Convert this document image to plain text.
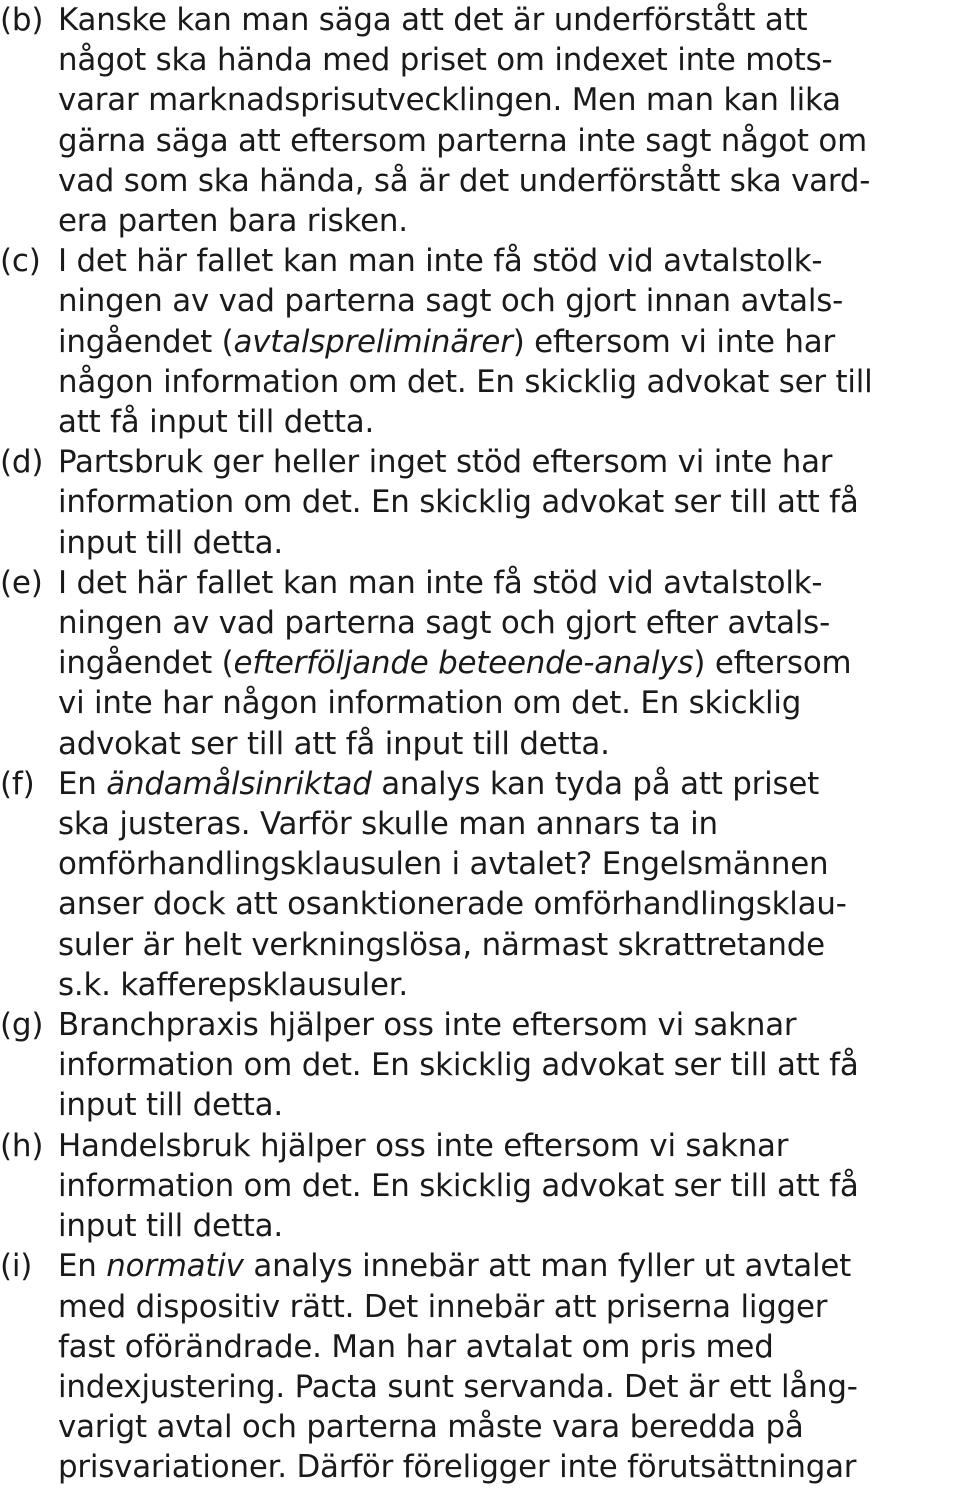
(b) Kanske kan man säga att det är underförstått att
något ska hända med priset om indexet inte mots-
varar marknadsprisutvecklingen. Men man kan lika
gärna säga att eftersom parterna inte sagt något om
vad som ska hända, så är det underförstått ska vard-
era parten bara risken.
(c) I det här fallet kan man inte få stöd vid avtalstolk-
ningen av vad parterna sagt och gjort innan avtals-
ingåendet (avtalspreliminärer) eftersom vi inte har
någon information om det. En skicklig advokat ser till
att få input till detta.
(d) Partsbruk ger heller inget stöd eftersom vi inte har
information om det. En skicklig advokat ser till att få
input till detta.
(e) I det här fallet kan man inte få stöd vid avtalstolk-
ningen av vad parterna sagt och gjort efter avtals-
ingåendet (efterföljande beteende-analys) eftersom
vi inte har någon information om det. En skicklig
advokat ser till att få input till detta.
(f) En ändamålsinriktad analys kan tyda på att priset
ska justeras. Varför skulle man annars ta in
omförhandlingsklausulen i avtalet? Engelsmännen
anser dock att osanktionerade omförhandlingsklau-
suler är helt verkningslösa, närmast skrattretande
s.k. kafferepsklausuler.
(g) Branchpraxis hjälper oss inte eftersom vi saknar
information om det. En skicklig advokat ser till att få
input till detta.
(h) Handelsbruk hjälper oss inte eftersom vi saknar
information om det. En skicklig advokat ser till att få
input till detta.
(i) En normativ analys innebär att man fyller ut avtalet
med dispositiv rätt. Det innebär att priserna ligger
fast oförändrade. Man har avtalat om pris med
indexjustering. Pacta sunt servanda. Det är ett lång-
varigt avtal och parterna måste vara beredda på
prisvariationer. Därför föreligger inte förutsättningar
